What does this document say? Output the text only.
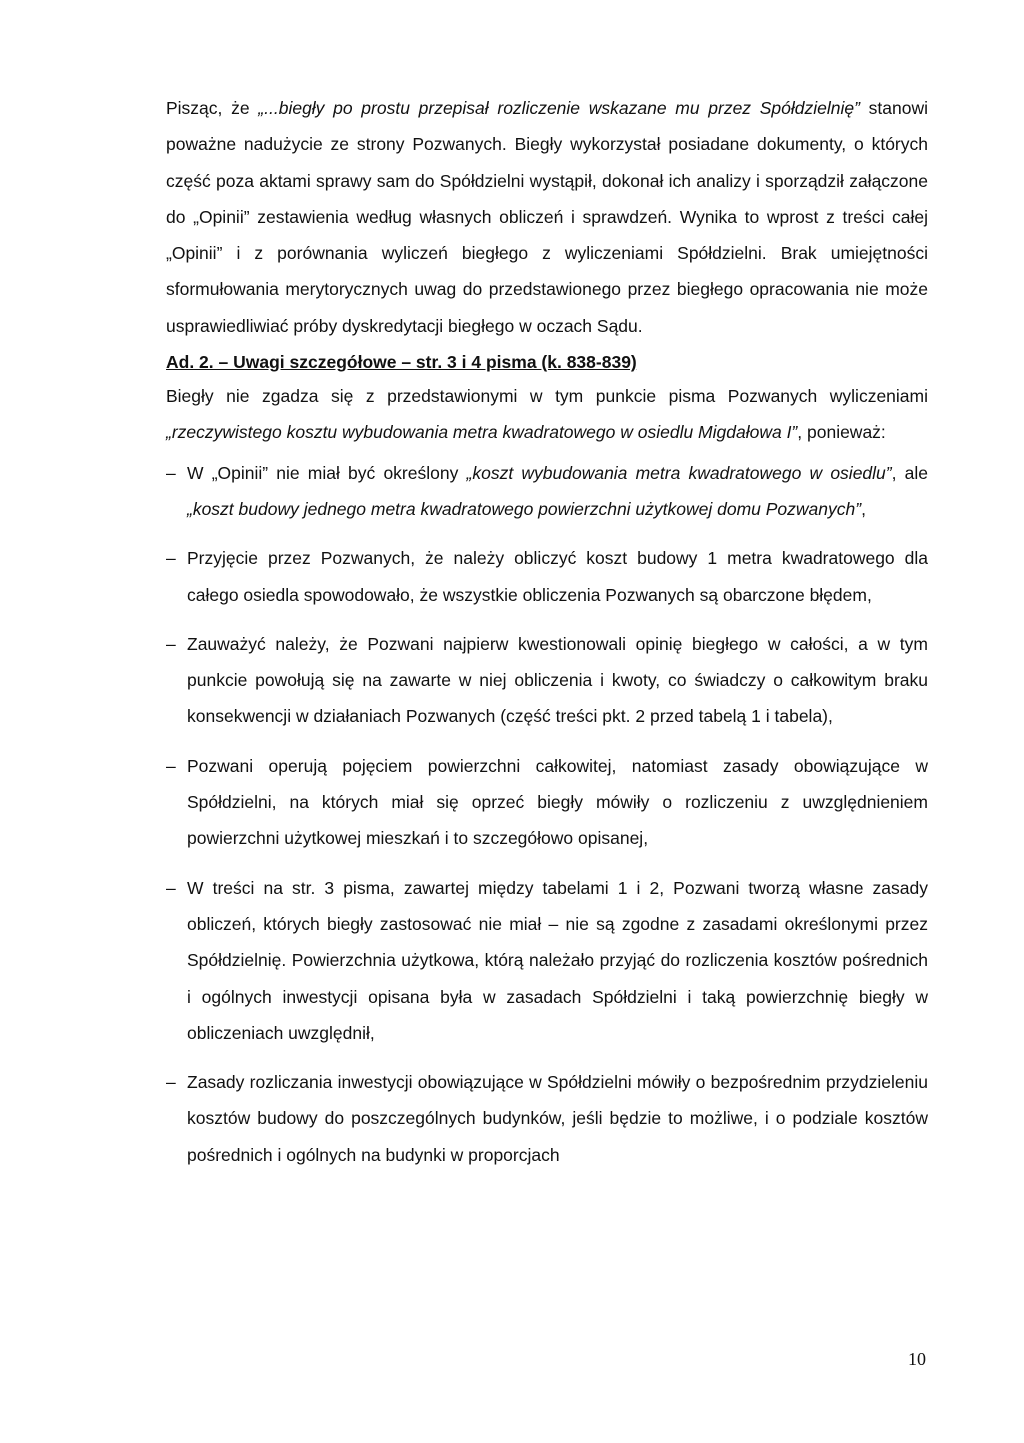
Pisząc, że „...biegły po prostu przepisał rozliczenie wskazane mu przez Spółdzielnię” stanowi poważne nadużycie ze strony Pozwanych. Biegły wykorzystał posiadane dokumenty, o których część poza aktami sprawy sam do Spółdzielni wystąpił, dokonał ich analizy i sporządził załączone do „Opinii” zestawienia według własnych obliczeń i sprawdzeń. Wynika to wprost z treści całej „Opinii” i z porównania wyliczeń biegłego z wyliczeniami Spółdzielni. Brak umiejętności sformułowania merytorycznych uwag do przedstawionego przez biegłego opracowania nie może usprawiedliwiać próby dyskredytacji biegłego w oczach Sądu.

Ad. 2. – Uwagi szczegółowe – str. 3 i 4 pisma (k. 838-839)

Biegły nie zgadza się z przedstawionymi w tym punkcie pisma Pozwanych wyliczeniami „rzeczywistego kosztu wybudowania metra kwadratowego w osiedlu Migdałowa I”, ponieważ:

– W „Opinii” nie miał być określony „koszt wybudowania metra kwadratowego w osiedlu”, ale „koszt budowy jednego metra kwadratowego powierzchni użytkowej domu Pozwanych”,
– Przyjęcie przez Pozwanych, że należy obliczyć koszt budowy 1 metra kwadratowego dla całego osiedla spowodowało, że wszystkie obliczenia Pozwanych są obarczone błędem,
– Zauważyć należy, że Pozwani najpierw kwestionowali opinię biegłego w całości, a w tym punkcie powołują się na zawarte w niej obliczenia i kwoty, co świadczy o całkowitym braku konsekwencji w działaniach Pozwanych (część treści pkt. 2 przed tabelą 1 i tabela),
– Pozwani operują pojęciem powierzchni całkowitej, natomiast zasady obowiązujące w Spółdzielni, na których miał się oprzeć biegły mówiły o rozliczeniu z uwzględnieniem powierzchni użytkowej mieszkań i to szczegółowo opisanej,
– W treści na str. 3 pisma, zawartej między tabelami 1 i 2, Pozwani tworzą własne zasady obliczeń, których biegły zastosować nie miał – nie są zgodne z zasadami określonymi przez Spółdzielnię. Powierzchnia użytkowa, którą należało przyjąć do rozliczenia kosztów pośrednich i ogólnych inwestycji opisana była w zasadach Spółdzielni i taką powierzchnię biegły w obliczeniach uwzględnił,
– Zasady rozliczania inwestycji obowiązujące w Spółdzielni mówiły o bezpośrednim przydzieleniu kosztów budowy do poszczególnych budynków, jeśli będzie to możliwe, i o podziale kosztów pośrednich i ogólnych na budynki w proporcjach
10
